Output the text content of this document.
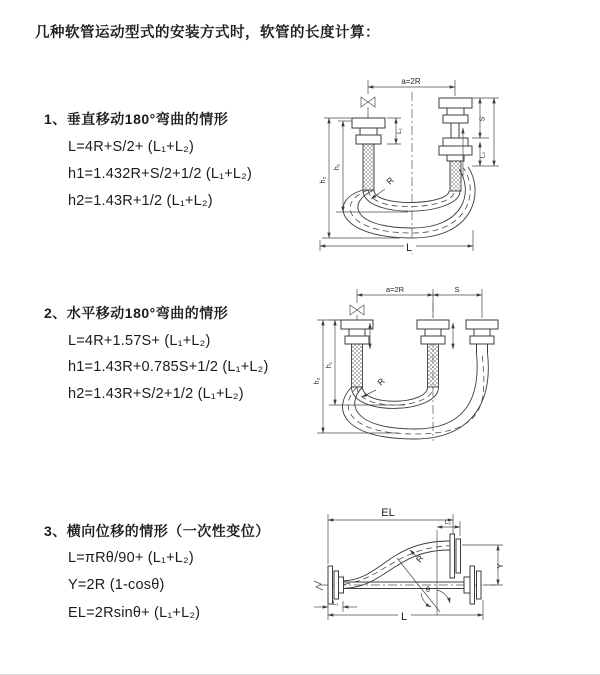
几种软管运动型式的安装方式时，软管的长度计算：
1、垂直移动180°弯曲的情形
L=4R+S/2+ (L₁+L₂)
h1=1.432R+S/2+1/2 (L₁+L₂)
h2=1.43R+1/2 (L₁+L₂)
2、水平移动180°弯曲的情形
L=4R+1.57S+ (L₁+L₂)
h1=1.43R+0.785S+1/2 (L₁+L₂)
h2=1.43R+S/2+1/2 (L₁+L₂)
3、横向位移的情形（一次性变位）
L=πRθ/90+ (L₁+L₂)
Y=2R (1-cosθ)
EL=2Rsinθ+ (L₁+L₂)
a=2R
L₁
S
L₂
h₁
h₂	R
L
a=2R	S
h₁
h₂	R
EL
L₂
Y
θ
R
L₁
L
